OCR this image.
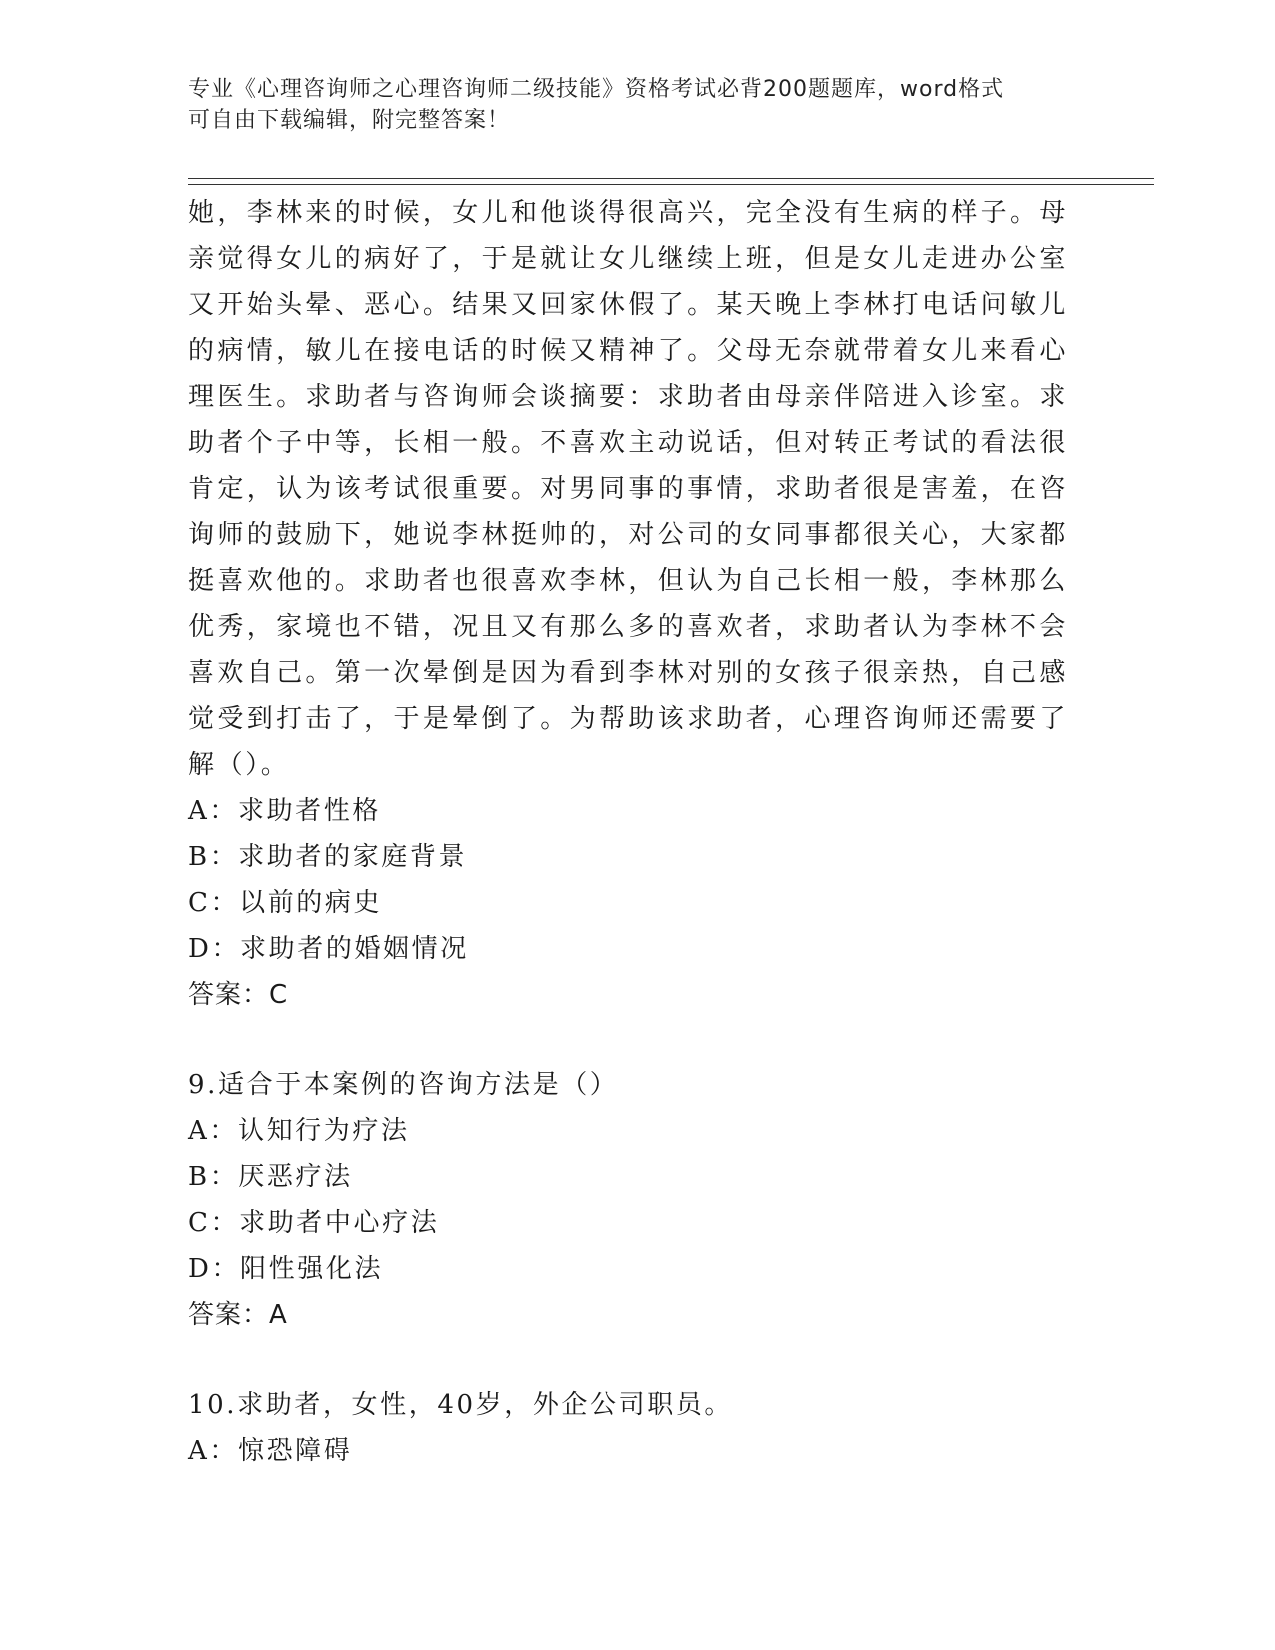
专业《心理咨询师之心理咨询师二级技能》资格考试必背200题题库，word格式
可自由下载编辑，附完整答案！

她，李林来的时候，女儿和他谈得很高兴，完全没有生病的样子。母亲觉得女儿的病好了，于是就让女儿继续上班，但是女儿走进办公室又开始头晕、恶心。结果又回家休假了。某天晚上李林打电话问敏儿的病情，敏儿在接电话的时候又精神了。父母无奈就带着女儿来看心理医生。求助者与咨询师会谈摘要：求助者由母亲伴陪进入诊室。求助者个子中等，长相一般。不喜欢主动说话，但对转正考试的看法很肯定，认为该考试很重要。对男同事的事情，求助者很是害羞，在咨询师的鼓励下，她说李林挺帅的，对公司的女同事都很关心，大家都挺喜欢他的。求助者也很喜欢李林，但认为自己长相一般，李林那么优秀，家境也不错，况且又有那么多的喜欢者，求助者认为李林不会喜欢自己。第一次晕倒是因为看到李林对别的女孩子很亲热，自己感觉受到打击了，于是晕倒了。为帮助该求助者，心理咨询师还需要了解（）。

A：求助者性格

B：求助者的家庭背景

C：以前的病史

D：求助者的婚姻情况

答案：C

9.适合于本案例的咨询方法是（）

A：认知行为疗法

B：厌恶疗法

C：求助者中心疗法

D：阳性强化法

答案：A

10.求助者，女性，40岁，外企公司职员。

A：惊恐障碍
